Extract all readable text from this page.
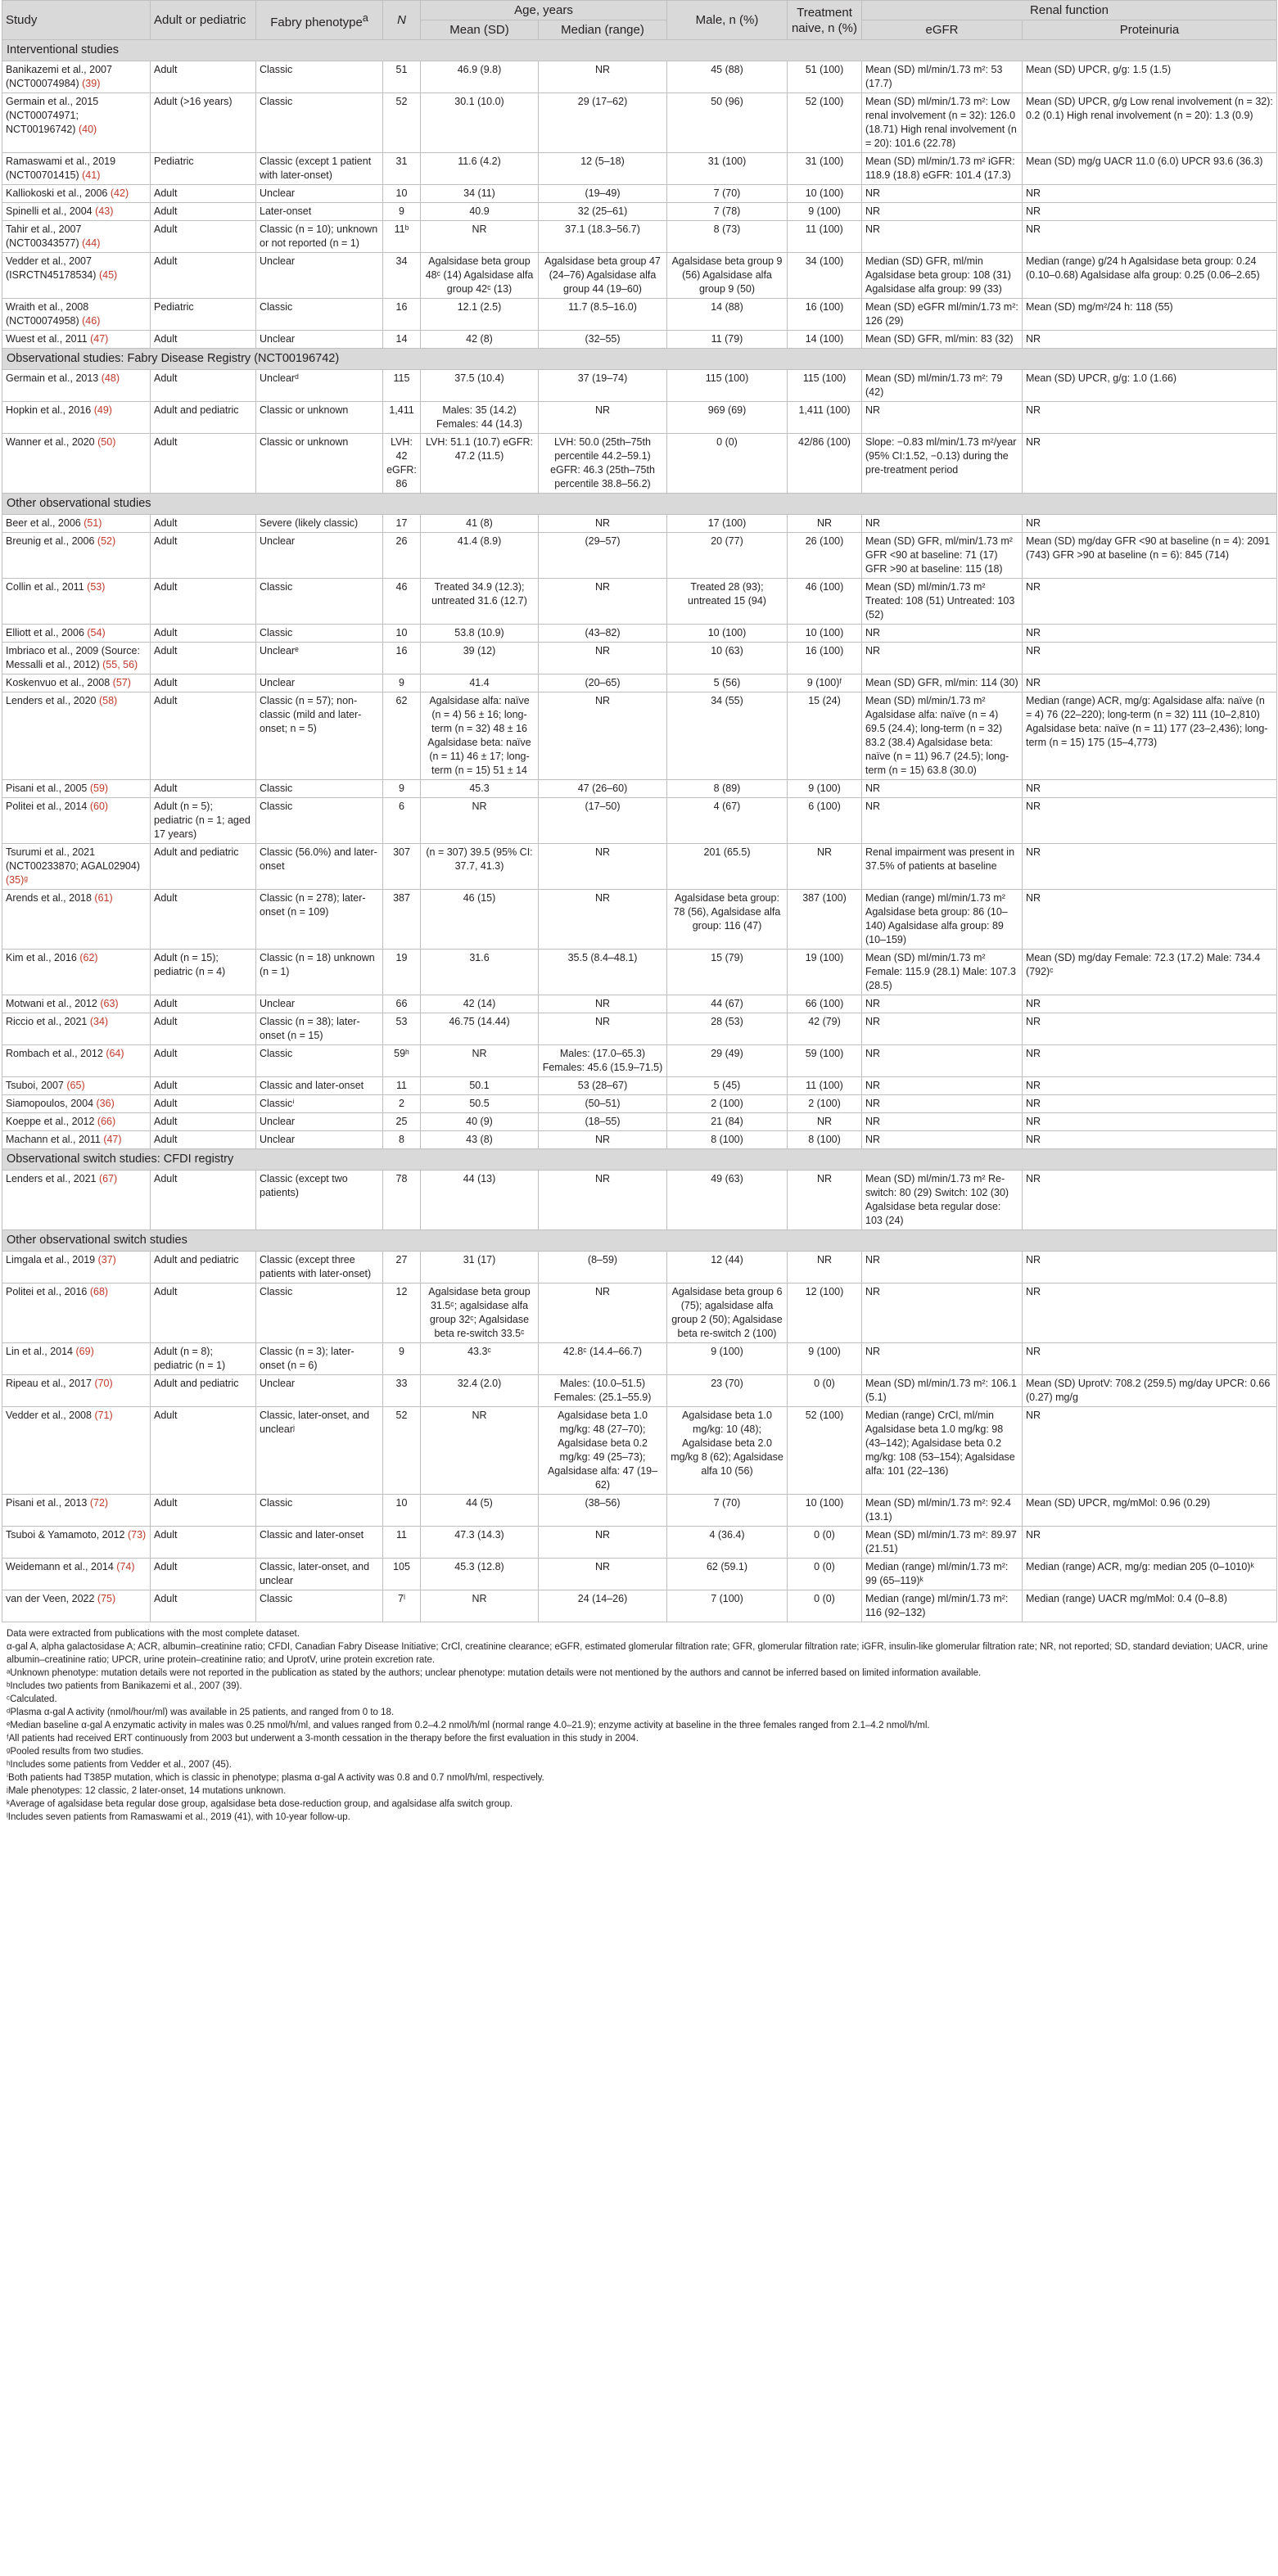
Study	Adult or pediatric	Fabry phenotype$^a$	N	Age, years		Male, n (%)	Treatment naive, n (%)	Renal function	
				Mean (SD)	Median (range)			eGFR	Proteinuria
Interventional studies									
Banikazemi et al., 2007 (NCT00074984) (39)	Adult	Classic	51	46.9 (9.8)	NR	45 (88)	51 (100)	Mean (SD) ml/min/1.73 m²: 53 (17.7)	Mean (SD) UPCR, g/g: 1.5 (1.5)
Germain et al., 2015 (NCT00074971; NCT00196742) (40)	Adult (>16 years)	Classic	52	30.1 (10.0)	29 (17–62)	50 (96)	52 (100)	Mean (SD) ml/min/1.73 m²: Low renal involvement (n = 32): 126.0 (18.71) High renal involvement (n = 20): 101.6 (22.78)	Mean (SD) UPCR, g/g Low renal involvement (n = 32): 0.2 (0.1) High renal involvement (n = 20): 1.3 (0.9)
Ramaswami et al., 2019 (NCT00701415) (41)	Pediatric	Classic (except 1 patient with later-onset)	31	11.6 (4.2)	12 (5–18)	31 (100)	31 (100)	Mean (SD) ml/min/1.73 m² iGFR: 118.9 (18.8) eGFR: 101.4 (17.3)	Mean (SD) mg/g UACR 11.0 (6.0) UPCR 93.6 (36.3)
Kalliokoski et al., 2006 (42)	Adult	Unclear	10	34 (11)	(19–49)	7 (70)	10 (100)	NR	NR
Spinelli et al., 2004 (43)	Adult	Later-onset	9	40.9	32 (25–61)	7 (78)	9 (100)	NR	NR
Tahir et al., 2007 (NCT00343577) (44)	Adult	Classic (n = 10); unknown or not reported (n = 1)	11ᵇ	NR	37.1 (18.3–56.7)	8 (73)	11 (100)	NR	NR
Vedder et al., 2007 (ISRCTN45178534) (45)	Adult	Unclear	34	Agalsidase beta group 48ᶜ (14) Agalsidase alfa group 42ᶜ (13)	Agalsidase beta group 47 (24–76) Agalsidase alfa group 44 (19–60)	Agalsidase beta group 9 (56) Agalsidase alfa group 9 (50)	34 (100)	Median (SD) GFR, ml/min Agalsidase beta group: 108 (31) Agalsidase alfa group: 99 (33)	Median (range) g/24 h Agalsidase beta group: 0.24 (0.10–0.68) Agalsidase alfa group: 0.25 (0.06–2.65)
Wraith et al., 2008 (NCT00074958) (46)	Pediatric	Classic	16	12.1 (2.5)	11.7 (8.5–16.0)	14 (88)	16 (100)	Mean (SD) eGFR ml/min/1.73 m²: 126 (29)	Mean (SD) mg/m²/24 h: 118 (55)
Wuest et al., 2011 (47)	Adult	Unclear	14	42 (8)	(32–55)	11 (79)	14 (100)	Mean (SD) GFR, ml/min: 83 (32)	NR
Observational studies: Fabry Disease Registry (NCT00196742)									
Germain et al., 2013 (48)	Adult	Unclearᵈ	115	37.5 (10.4)	37 (19–74)	115 (100)	115 (100)	Mean (SD) ml/min/1.73 m²: 79 (42)	Mean (SD) UPCR, g/g: 1.0 (1.66)
Hopkin et al., 2016 (49)	Adult and pediatric	Classic or unknown	1,411	Males: 35 (14.2) Females: 44 (14.3)	NR	969 (69)	1,411 (100)	NR	NR
Wanner et al., 2020 (50)	Adult	Classic or unknown	LVH: 42 eGFR: 86	LVH: 51.1 (10.7) eGFR: 47.2 (11.5)	LVH: 50.0 (25th–75th percentile 44.2–59.1) eGFR: 46.3 (25th–75th percentile 38.8–56.2)	0 (0)	42/86 (100)	Slope: −0.83 ml/min/1.73 m²/year (95% CI:1.52, −0.13) during the pre-treatment period	NR
Other observational studies									
Beer et al., 2006 (51)	Adult	Severe (likely classic)	17	41 (8)	NR	17 (100)	NR	NR	NR
Breunig et al., 2006 (52)	Adult	Unclear	26	41.4 (8.9)	(29–57)	20 (77)	26 (100)	Mean (SD) GFR, ml/min/1.73 m² GFR <90 at baseline: 71 (17) GFR >90 at baseline: 115 (18)	Mean (SD) mg/day GFR <90 at baseline (n = 4): 2091 (743) GFR >90 at baseline (n = 6): 845 (714)
Collin et al., 2011 (53)	Adult	Classic	46	Treated 34.9 (12.3); untreated 31.6 (12.7)	NR	Treated 28 (93); untreated 15 (94)	46 (100)	Mean (SD) ml/min/1.73 m² Treated: 108 (51) Untreated: 103 (52)	NR
Elliott et al., 2006 (54)	Adult	Classic	10	53.8 (10.9)	(43–82)	10 (100)	10 (100)	NR	NR
Imbriaco et al., 2009 (Source: Messalli et al., 2012) (55, 56)	Adult	Unclearᵉ	16	39 (12)	NR	10 (63)	16 (100)	NR	NR
Koskenvuo et al., 2008 (57)	Adult	Unclear	9	41.4	(20–65)	5 (56)	9 (100)ᶠ	Mean (SD) GFR, ml/min: 114 (30)	NR
Lenders et al., 2020 (58)	Adult	Classic (n = 57); non-classic (mild and later-onset; n = 5)	62	Agalsidase alfa: naïve (n = 4) 56 ± 16; long-term (n = 32) 48 ± 16 Agalsidase beta: naïve (n = 11) 46 ± 17; long-term (n = 15) 51 ± 14	NR	34 (55)	15 (24)	Mean (SD) ml/min/1.73 m² Agalsidase alfa: naïve (n = 4) 69.5 (24.4); long-term (n = 32) 83.2 (38.4) Agalsidase beta: naïve (n = 11) 96.7 (24.5); long-term (n = 15) 63.8 (30.0)	Median (range) ACR, mg/g: Agalsidase alfa: naïve (n = 4) 76 (22–220); long-term (n = 32) 111 (10–2,810) Agalsidase beta: naïve (n = 11) 177 (23–2,436); long-term (n = 15) 175 (15–4,773)
Pisani et al., 2005 (59)	Adult	Classic	9	45.3	47 (26–60)	8 (89)	9 (100)	NR	NR
Politei et al., 2014 (60)	Adult (n = 5); pediatric (n = 1; aged 17 years)	Classic	6	NR	(17–50)	4 (67)	6 (100)	NR	NR
Tsurumi et al., 2021 (NCT00233870; AGAL02904) (35)ᵍ	Adult and pediatric	Classic (56.0%) and later-onset	307	(n = 307) 39.5 (95% CI: 37.7, 41.3)	NR	201 (65.5)	NR	Renal impairment was present in 37.5% of patients at baseline	NR
Arends et al., 2018 (61)	Adult	Classic (n = 278); later-onset (n = 109)	387	46 (15)	NR	Agalsidase beta group: 78 (56), Agalsidase alfa group: 116 (47)	387 (100)	Median (range) ml/min/1.73 m² Agalsidase beta group: 86 (10–140) Agalsidase alfa group: 89 (10–159)	NR
Kim et al., 2016 (62)	Adult (n = 15); pediatric (n = 4)	Classic (n = 18) unknown (n = 1)	19	31.6	35.5 (8.4–48.1)	15 (79)	19 (100)	Mean (SD) ml/min/1.73 m² Female: 115.9 (28.1) Male: 107.3 (28.5)	Mean (SD) mg/day Female: 72.3 (17.2) Male: 734.4 (792)ᶜ
Motwani et al., 2012 (63)	Adult	Unclear	66	42 (14)	NR	44 (67)	66 (100)	NR	NR
Riccio et al., 2021 (34)	Adult	Classic (n = 38); later-onset (n = 15)	53	46.75 (14.44)	NR	28 (53)	42 (79)	NR	NR
Rombach et al., 2012 (64)	Adult	Classic	59ʰ	NR	Males: (17.0–65.3) Females: 45.6 (15.9–71.5)	29 (49)	59 (100)	NR	NR
Tsuboi, 2007 (65)	Adult	Classic and later-onset	11	50.1	53 (28–67)	5 (45)	11 (100)	NR	NR
Siamopoulos, 2004 (36)	Adult	Classicⁱ	2	50.5	(50–51)	2 (100)	2 (100)	NR	NR
Koeppe et al., 2012 (66)	Adult	Unclear	25	40 (9)	(18–55)	21 (84)	NR	NR	NR
Machann et al., 2011 (47)	Adult	Unclear	8	43 (8)	NR	8 (100)	8 (100)	NR	NR
Observational switch studies: CFDI registry									
Lenders et al., 2021 (67)	Adult	Classic (except two patients)	78	44 (13)	NR	49 (63)	NR	Mean (SD) ml/min/1.73 m² Re-switch: 80 (29) Switch: 102 (30) Agalsidase beta regular dose: 103 (24)	NR
Other observational switch studies									
Limgala et al., 2019 (37)	Adult and pediatric	Classic (except three patients with later-onset)	27	31 (17)	(8–59)	12 (44)	NR	NR	NR
Politei et al., 2016 (68)	Adult	Classic	12	Agalsidase beta group 31.5ᶜ; agalsidase alfa group 32ᶜ; Agalsidase beta re-switch 33.5ᶜ	NR	Agalsidase beta group 6 (75); agalsidase alfa group 2 (50); Agalsidase beta re-switch 2 (100)	12 (100)	NR	NR
Lin et al., 2014 (69)	Adult (n = 8); pediatric (n = 1)	Classic (n = 3); later-onset (n = 6)	9	43.3ᶜ	42.8ᶜ (14.4–66.7)	9 (100)	9 (100)	NR	NR
Ripeau et al., 2017 (70)	Adult and pediatric	Unclear	33	32.4 (2.0)	Males: (10.0–51.5) Females: (25.1–55.9)	23 (70)	0 (0)	Mean (SD) ml/min/1.73 m²: 106.1 (5.1)	Mean (SD) UprotV: 708.2 (259.5) mg/day UPCR: 0.66 (0.27) mg/g
Vedder et al., 2008 (71)	Adult	Classic, later-onset, and unclearʲ	52	NR	Agalsidase beta 1.0 mg/kg: 48 (27–70); Agalsidase beta 0.2 mg/kg: 49 (25–73); Agalsidase alfa: 47 (19–62)	Agalsidase beta 1.0 mg/kg: 10 (48); Agalsidase beta 2.0 mg/kg 8 (62); Agalsidase alfa 10 (56)	52 (100)	Median (range) CrCl, ml/min Agalsidase beta 1.0 mg/kg: 98 (43–142); Agalsidase beta 0.2 mg/kg: 108 (53–154); Agalsidase alfa: 101 (22–136)	NR
Pisani et al., 2013 (72)	Adult	Classic	10	44 (5)	(38–56)	7 (70)	10 (100)	Mean (SD) ml/min/1.73 m²: 92.4 (13.1)	Mean (SD) UPCR, mg/mMol: 0.96 (0.29)
Tsuboi & Yamamoto, 2012 (73)	Adult	Classic and later-onset	11	47.3 (14.3)	NR	4 (36.4)	0 (0)	Mean (SD) ml/min/1.73 m²: 89.97 (21.51)	NR
Weidemann et al., 2014 (74)	Adult	Classic, later-onset, and unclear	105	45.3 (12.8)	NR	62 (59.1)	0 (0)	Median (range) ml/min/1.73 m²: 99 (65–119)ᵏ	Median (range) ACR, mg/g: median 205 (0–1010)ᵏ
van der Veen, 2022 (75)	Adult	Classic	7ˡ	NR	24 (14–26)	7 (100)	0 (0)	Median (range) ml/min/1.73 m²: 116 (92–132)	Median (range) UACR mg/mMol: 0.4 (0–8.8)

Data were extracted from publications with the most complete dataset.

α-gal A, alpha galactosidase A; ACR, albumin–creatinine ratio; CFDI, Canadian Fabry Disease Initiative; CrCl, creatinine clearance; eGFR, estimated glomerular filtration rate; GFR, glomerular filtration rate; iGFR, insulin-like glomerular filtration rate; NR, not reported; SD, standard deviation; UACR, urine albumin–creatinine ratio; UPCR, urine protein–creatinine ratio; and UprotV, urine protein excretion rate.

ᵃUnknown phenotype: mutation details were not reported in the publication as stated by the authors; unclear phenotype: mutation details were not mentioned by the authors and cannot be inferred based on limited information available.

ᵇIncludes two patients from Banikazemi et al., 2007 (39).

ᶜCalculated.

ᵈPlasma α-gal A activity (nmol/hour/ml) was available in 25 patients, and ranged from 0 to 18.

ᵉMedian baseline α-gal A enzymatic activity in males was 0.25 nmol/h/ml, and values ranged from 0.2–4.2 nmol/h/ml (normal range 4.0–21.9); enzyme activity at baseline in the three females ranged from 2.1–4.2 nmol/h/ml.

ᶠAll patients had received ERT continuously from 2003 but underwent a 3-month cessation in the therapy before the first evaluation in this study in 2004.

ᵍPooled results from two studies.

ʰIncludes some patients from Vedder et al., 2007 (45).

ⁱBoth patients had T385P mutation, which is classic in phenotype; plasma α-gal A activity was 0.8 and 0.7 nmol/h/ml, respectively.

ʲMale phenotypes: 12 classic, 2 later-onset, 14 mutations unknown.

ᵏAverage of agalsidase beta regular dose group, agalsidase beta dose-reduction group, and agalsidase alfa switch group.

ˡIncludes seven patients from Ramaswami et al., 2019 (41), with 10-year follow-up.
